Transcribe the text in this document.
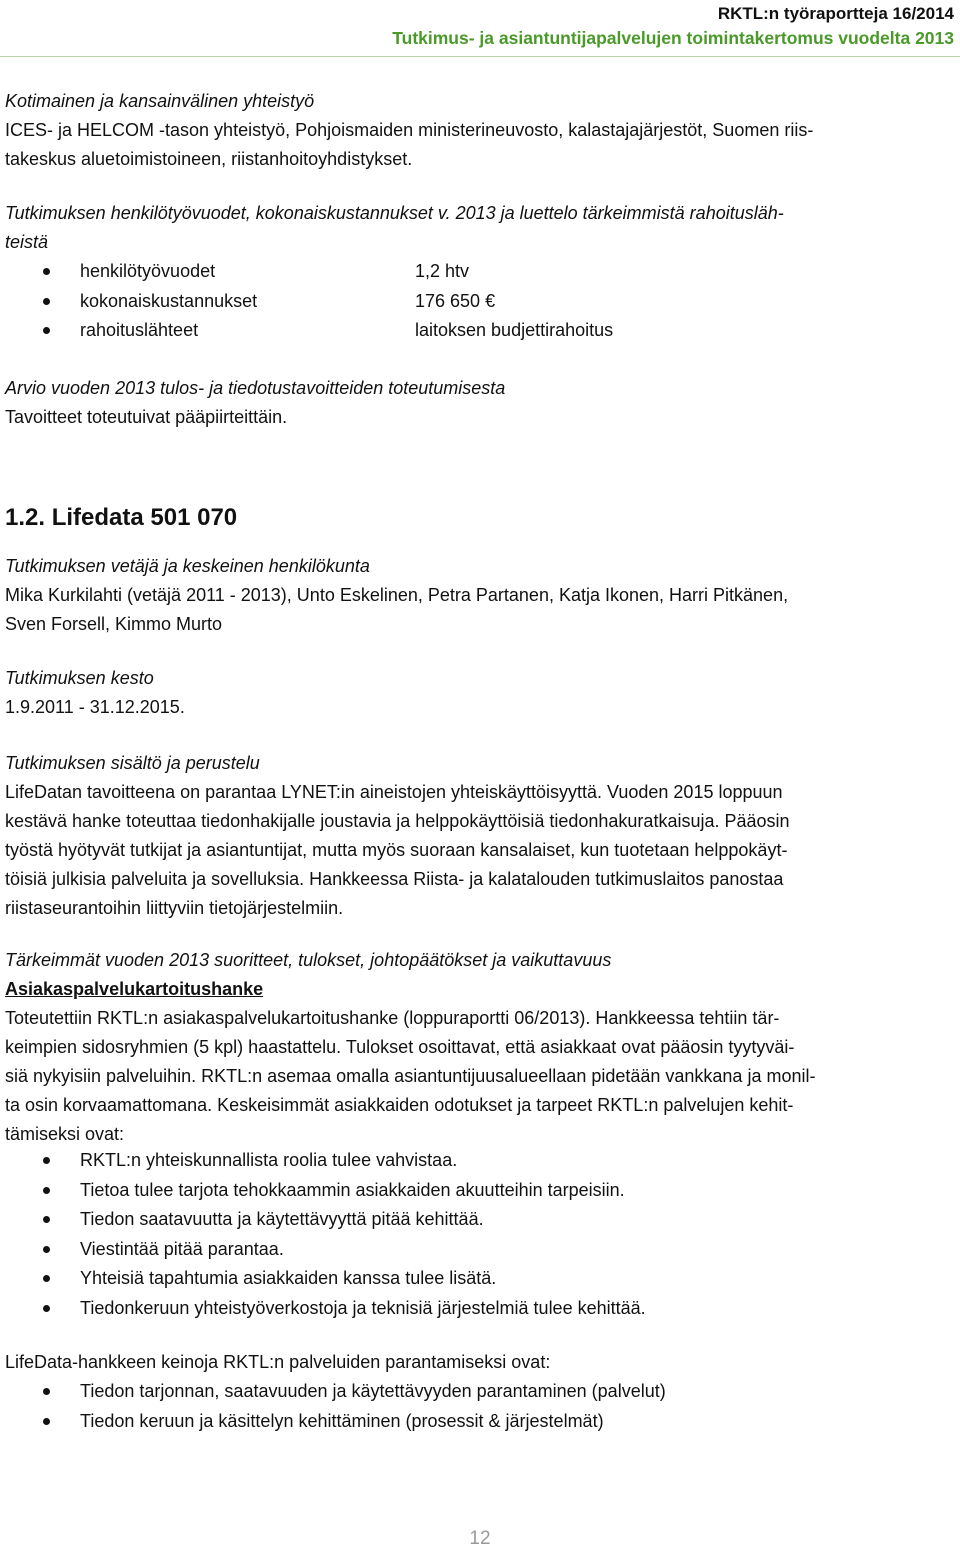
RKTL:n työraportteja 16/2014
Tutkimus- ja asiantuntijapalvelujen toimintakertomus vuodelta 2013
Kotimainen ja kansainvälinen yhteistyö
ICES- ja HELCOM -tason yhteistyö, Pohjoismaiden ministerineuvosto, kalastajajärjestöt, Suomen riis-
takeskus aluetoimistoineen, riistanhoitoyhdistykset.
Tutkimuksen henkilötyövuodet, kokonaiskustannukset v. 2013 ja luettelo tärkeimmistä rahoitusläh-
teistä
henkilötyövuodet	1,2 htv
kokonaiskustannukset	176 650 €
rahoituslähteet	laitoksen budjettirahoitus
Arvio vuoden 2013 tulos- ja tiedotustavoitteiden toteutumisesta
Tavoitteet toteutuivat pääpiirteittäin.
1.2. Lifedata 501 070
Tutkimuksen vetäjä ja keskeinen henkilökunta
Mika Kurkilahti (vetäjä 2011 - 2013), Unto Eskelinen, Petra Partanen, Katja Ikonen, Harri Pitkänen,
Sven Forsell, Kimmo Murto
Tutkimuksen kesto
1.9.2011 - 31.12.2015.
Tutkimuksen sisältö ja perustelu
LifeDatan tavoitteena on parantaa LYNET:in aineistojen yhteiskäyttöisyyttä. Vuoden 2015 loppuun
kestävä hanke toteuttaa tiedonhakijalle joustavia ja helppokäyttöisiä tiedonhakuratkaisuja. Pääosin
työstä hyötyvät tutkijat ja asiantuntijat, mutta myös suoraan kansalaiset, kun tuotetaan helppokäyt-
töisiä julkisia palveluita ja sovelluksia. Hankkeessa Riista- ja kalatalouden tutkimuslaitos panostaa
riistaseurantoihin liittyviin tietojärjestelmiin.
Tärkeimmät vuoden 2013 suoritteet, tulokset, johtopäätökset ja vaikuttavuus
Asiakaspalvelukartoitushanke
Toteutettiin RKTL:n asiakaspalvelukartoitushanke (loppuraportti 06/2013). Hankkeessa tehtiin tär-
keimpien sidosryhmien (5 kpl) haastattelu. Tulokset osoittavat, että asiakkaat ovat pääosin tyytyväi-
siä nykyisiin palveluihin. RKTL:n asemaa omalla asiantuntijuusalueellaan pidetään vankkana ja monil-
ta osin korvaamattomana. Keskeisimmät asiakkaiden odotukset ja tarpeet RKTL:n palvelujen kehit-
tämiseksi ovat:
RKTL:n yhteiskunnallista roolia tulee vahvistaa.
Tietoa tulee tarjota tehokkaammin asiakkaiden akuutteihin tarpeisiin.
Tiedon saatavuutta ja käytettävyyttä pitää kehittää.
Viestintää pitää parantaa.
Yhteisiä tapahtumia asiakkaiden kanssa tulee lisätä.
Tiedonkeruun yhteistyöverkostoja ja teknisiä järjestelmiä tulee kehittää.
LifeData-hankkeen keinoja RKTL:n palveluiden parantamiseksi ovat:
Tiedon tarjonnan, saatavuuden ja käytettävyyden parantaminen (palvelut)
Tiedon keruun ja käsittelyn kehittäminen (prosessit & järjestelmät)
12
